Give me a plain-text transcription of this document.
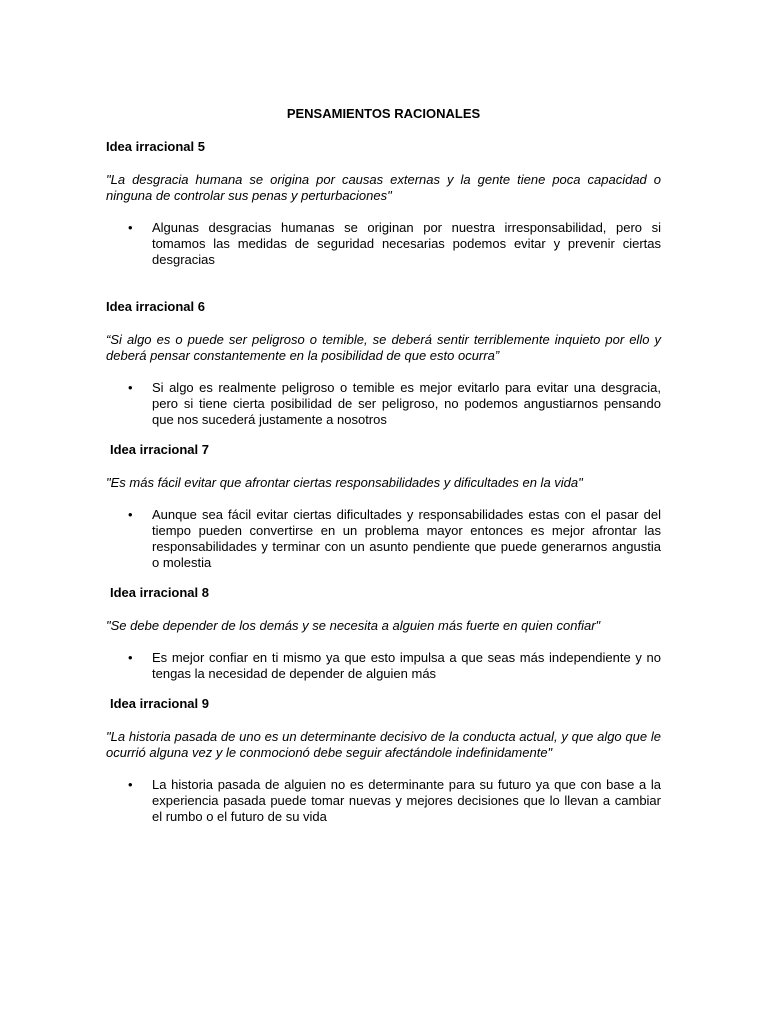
PENSAMIENTOS RACIONALES
Idea irracional 5
"La desgracia humana se origina por causas externas y la gente tiene poca capacidad o ninguna de controlar sus penas y perturbaciones"
•	Algunas desgracias humanas se originan por nuestra irresponsabilidad, pero si tomamos las medidas de seguridad necesarias podemos evitar y prevenir ciertas desgracias
Idea irracional 6
“Si algo es o puede ser peligroso o temible, se deberá sentir terriblemente inquieto por ello y deberá pensar constantemente en la posibilidad de que esto ocurra”
•	Si algo es realmente peligroso o temible es mejor evitarlo para evitar una desgracia, pero si tiene cierta posibilidad de ser peligroso, no podemos angustiarnos pensando que nos sucederá justamente a nosotros
Idea irracional 7
"Es más fácil evitar que afrontar ciertas responsabilidades y dificultades en la vida"
•	Aunque sea fácil evitar ciertas dificultades y responsabilidades estas con el pasar del tiempo pueden convertirse en un problema mayor entonces es mejor afrontar las responsabilidades y terminar con un asunto pendiente que puede generarnos angustia o molestia
Idea irracional 8
"Se debe depender de los demás y se necesita a alguien más fuerte en quien confiar"
•	Es mejor confiar en ti mismo ya que esto impulsa a que seas más independiente y no tengas la necesidad de depender de alguien más
Idea irracional 9
"La historia pasada de uno es un determinante decisivo de la conducta actual, y que algo que le ocurrió alguna vez y le conmocionó debe seguir afectándole indefinidamente"
•	La historia pasada de alguien no es determinante para su futuro ya que con base a la experiencia pasada puede tomar nuevas y mejores decisiones que lo llevan a cambiar el rumbo o el futuro de su vida
